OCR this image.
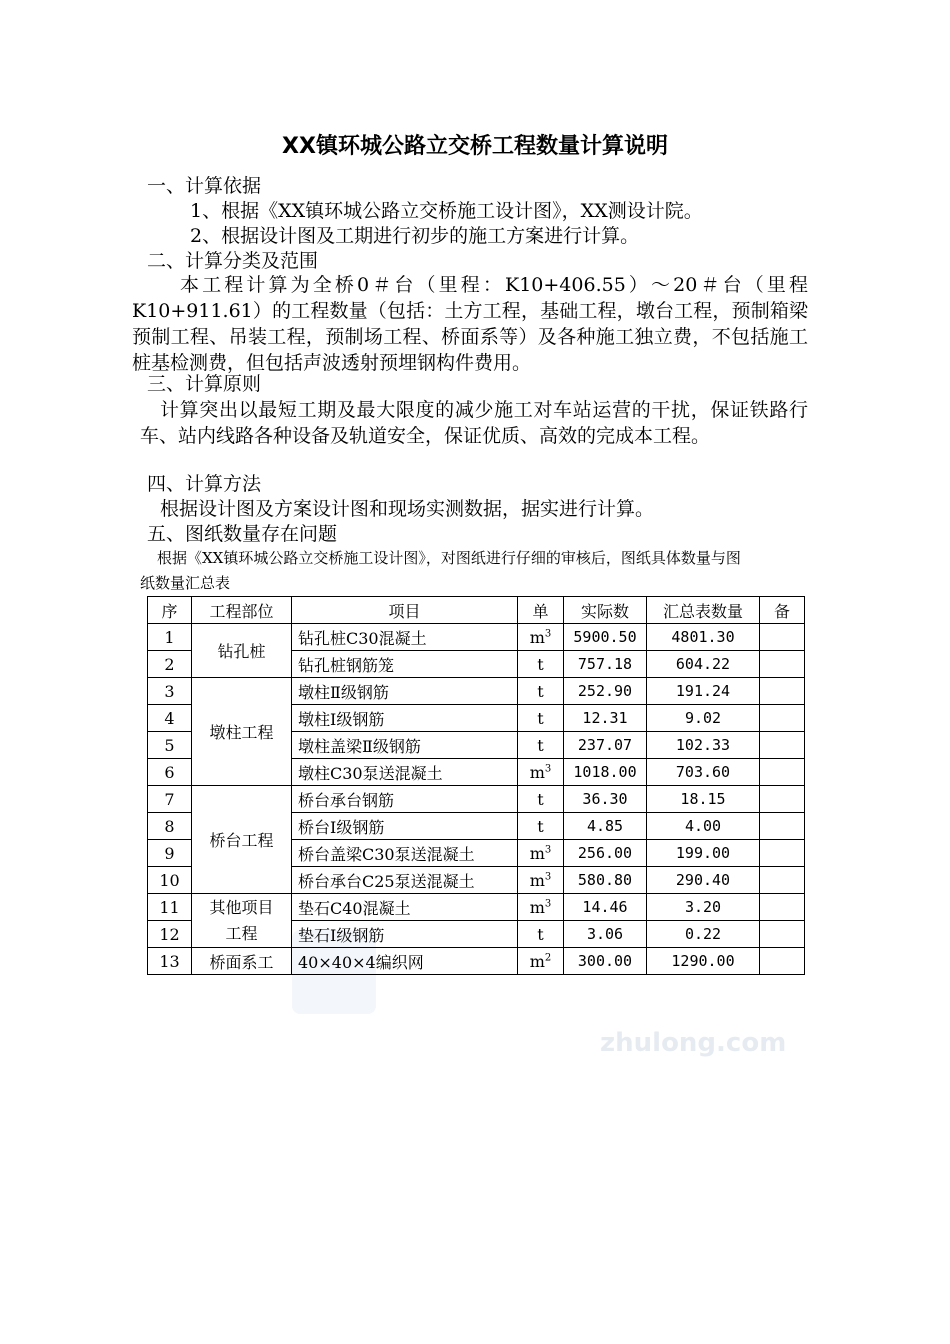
zhulong.com
XX镇环城公路立交桥工程数量计算说明
一、计算依据
1、根据《XX镇环城公路立交桥施工设计图》，XX测设计院。
2、根据设计图及工期进行初步的施工方案进行计算。
二、计算分类及范围
本工程计算为全桥0＃台（里程：K10+406.55）～20＃台（里程K10+911.61）的工程数量（包括：土方工程，基础工程，墩台工程，预制箱梁预制工程、吊装工程，预制场工程、桥面系等）及各种施工独立费，不包括施工桩基检测费，但包括声波透射预埋钢构件费用。
三、计算原则
计算突出以最短工期及最大限度的减少施工对车站运营的干扰，保证铁路行车、站内线路各种设备及轨道安全，保证优质、高效的完成本工程。
四、计算方法
根据设计图及方案设计图和现场实测数据，据实进行计算。
五、图纸数量存在问题
根据《XX镇环城公路立交桥施工设计图》，对图纸进行仔细的审核后，图纸具体数量与图
纸数量汇总表
序	工程部位	项目	单	实际数	汇总表数量	备
1	钻孔桩	钻孔桩C30混凝土	$m^3$	5900.50	4801.30	
2		钻孔桩钢筋笼	t	757.18	604.22	
3	墩柱工程	墩柱Ⅱ级钢筋	t	252.90	191.24	
4		墩柱Ⅰ级钢筋	t	12.31	9.02	
5		墩柱盖梁Ⅱ级钢筋	t	237.07	102.33	
6		墩柱C30泵送混凝土	$m^3$	1018.00	703.60	
7	桥台工程	桥台承台钢筋	t	36.30	18.15	
8		桥台Ⅰ级钢筋	t	4.85	4.00	
9		桥台盖梁C30泵送混凝土	$m^3$	256.00	199.00	
10		桥台承台C25泵送混凝土	$m^3$	580.80	290.40	
11	其他项目工程	垫石C40混凝土	$m^3$	14.46	3.20	
12		垫石Ⅰ级钢筋	t	3.06	0.22	
13	桥面系工	40×40×4编织网	$m^2$	300.00	1290.00	
